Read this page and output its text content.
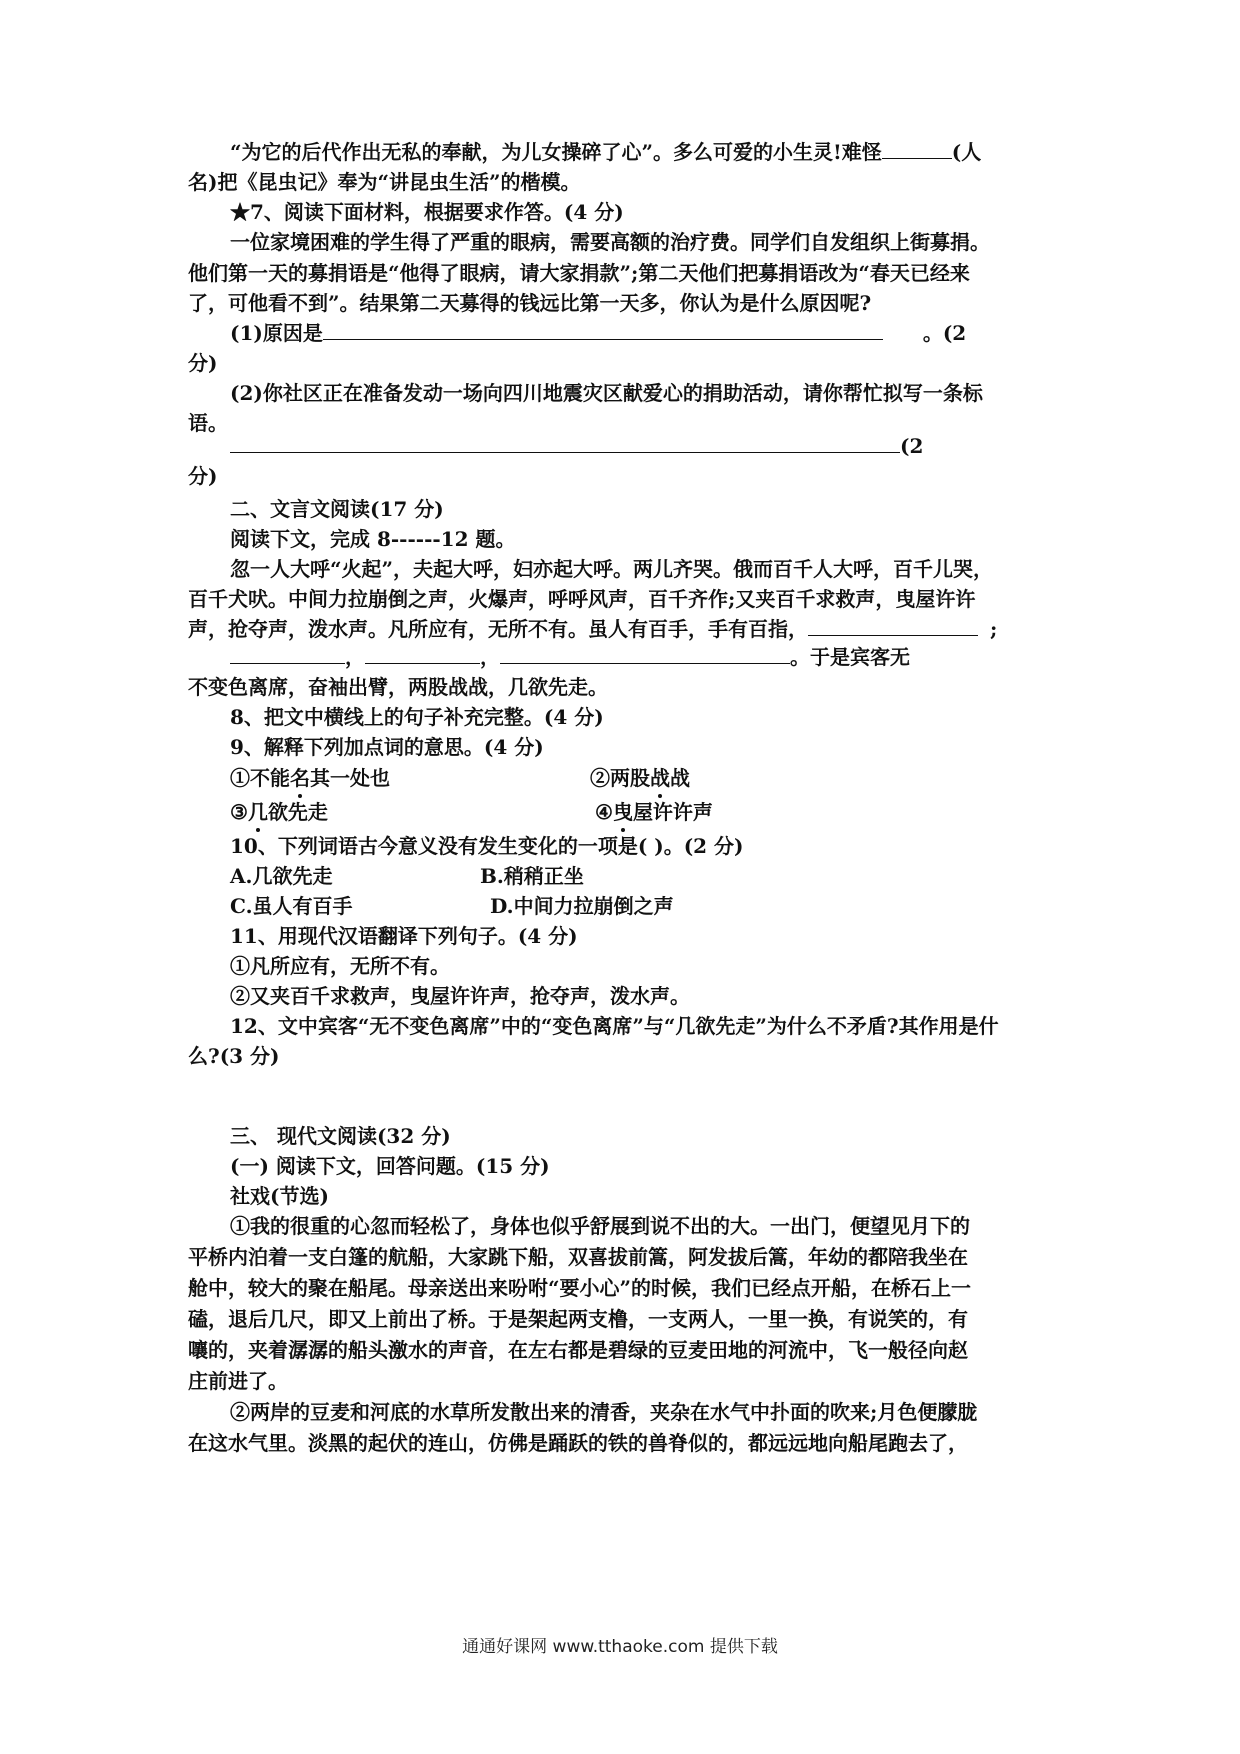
“为它的后代作出无私的奉献，为儿女操碎了心”。多么可爱的小生灵!难怪	(人
名)把《昆虫记》奉为“讲昆虫生活”的楷模。
★7、阅读下面材料，根据要求作答。(4 分)
一位家境困难的学生得了严重的眼病，需要高额的治疗费。同学们自发组织上街募捐。
他们第一天的募捐语是“他得了眼病，请大家捐款”;第二天他们把募捐语改为“春天已经来
了，可他看不到”。结果第二天募得的钱远比第一天多，你认为是什么原因呢?
(1)原因是	。(2
分)
(2)你社区正在准备发动一场向四川地震灾区献爱心的捐助活动，请你帮忙拟写一条标
语。
(2
分)
二、文言文阅读(17 分)
阅读下文，完成 8------12 题。
忽一人大呼“火起”，夫起大呼，妇亦起大呼。两儿齐哭。俄而百千人大呼，百千儿哭，
百千犬吠。中间力拉崩倒之声，火爆声，呼呼风声，百千齐作;又夹百千求救声，曳屋许许
声，抢夺声，泼水声。凡所应有，无所不有。虽人有百手，手有百指，	;
，	，	。于是宾客无
不变色离席，奋袖出臂，两股战战，几欲先走。
8、把文中横线上的句子补充完整。(4 分)
9、解释下列加点词的意思。(4 分)
①不能名其一处也	②两股战战
③几欲先走	④曳屋许许声
10、下列词语古今意义没有发生变化的一项是( )。(2 分)
A.几欲先走	B.稍稍正坐
C.虽人有百手	D.中间力拉崩倒之声
11、用现代汉语翻译下列句子。(4 分)
①凡所应有，无所不有。
②又夹百千求救声，曳屋许许声，抢夺声，泼水声。
12、文中宾客“无不变色离席”中的“变色离席”与“几欲先走”为什么不矛盾?其作用是什
么?(3 分)
三、 现代文阅读(32 分)
(一) 阅读下文，回答问题。(15 分)
社戏(节选)
①我的很重的心忽而轻松了，身体也似乎舒展到说不出的大。一出门，便望见月下的
平桥内泊着一支白篷的航船，大家跳下船，双喜拔前篙，阿发拔后篙，年幼的都陪我坐在
舱中，较大的聚在船尾。母亲送出来吩咐“要小心”的时候，我们已经点开船，在桥石上一
磕，退后几尺，即又上前出了桥。于是架起两支橹，一支两人，一里一换，有说笑的，有
嚷的，夹着潺潺的船头激水的声音，在左右都是碧绿的豆麦田地的河流中，飞一般径向赵
庄前进了。
②两岸的豆麦和河底的水草所发散出来的清香，夹杂在水气中扑面的吹来;月色便朦胧
在这水气里。淡黑的起伏的连山，仿佛是踊跃的铁的兽脊似的，都远远地向船尾跑去了，
通通好课网 www.tthaoke.com 提供下载
